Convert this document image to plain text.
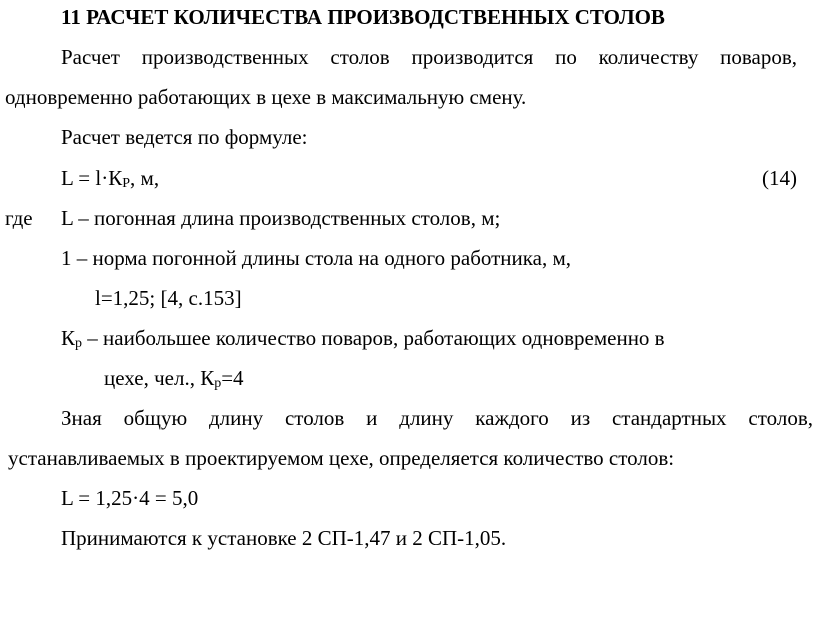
11 РАСЧЕТ КОЛИЧЕСТВА ПРОИЗВОДСТВЕННЫХ СТОЛОВ
Расчет производственных столов производится по количеству поваров,
одновременно работающих в цехе в максимальную смену.
Расчет ведется по формуле:
$L = l\cdot К_Р$, м,	(14)
где L – погонная длина производственных столов, м;
1 – норма погонной длины стола на одного работника, м,
l=1,25; [4, с.153]
$К_р$ – наибольшее количество поваров, работающих одновременно в
цехе, чел., $К_р=4$
Зная общую длину столов и длину каждого из стандартных столов,
устанавливаемых в проектируемом цехе, определяется количество столов:
L = 1,25·4 = 5,0
Принимаются к установке 2 СП-1,47 и 2 СП-1,05.
